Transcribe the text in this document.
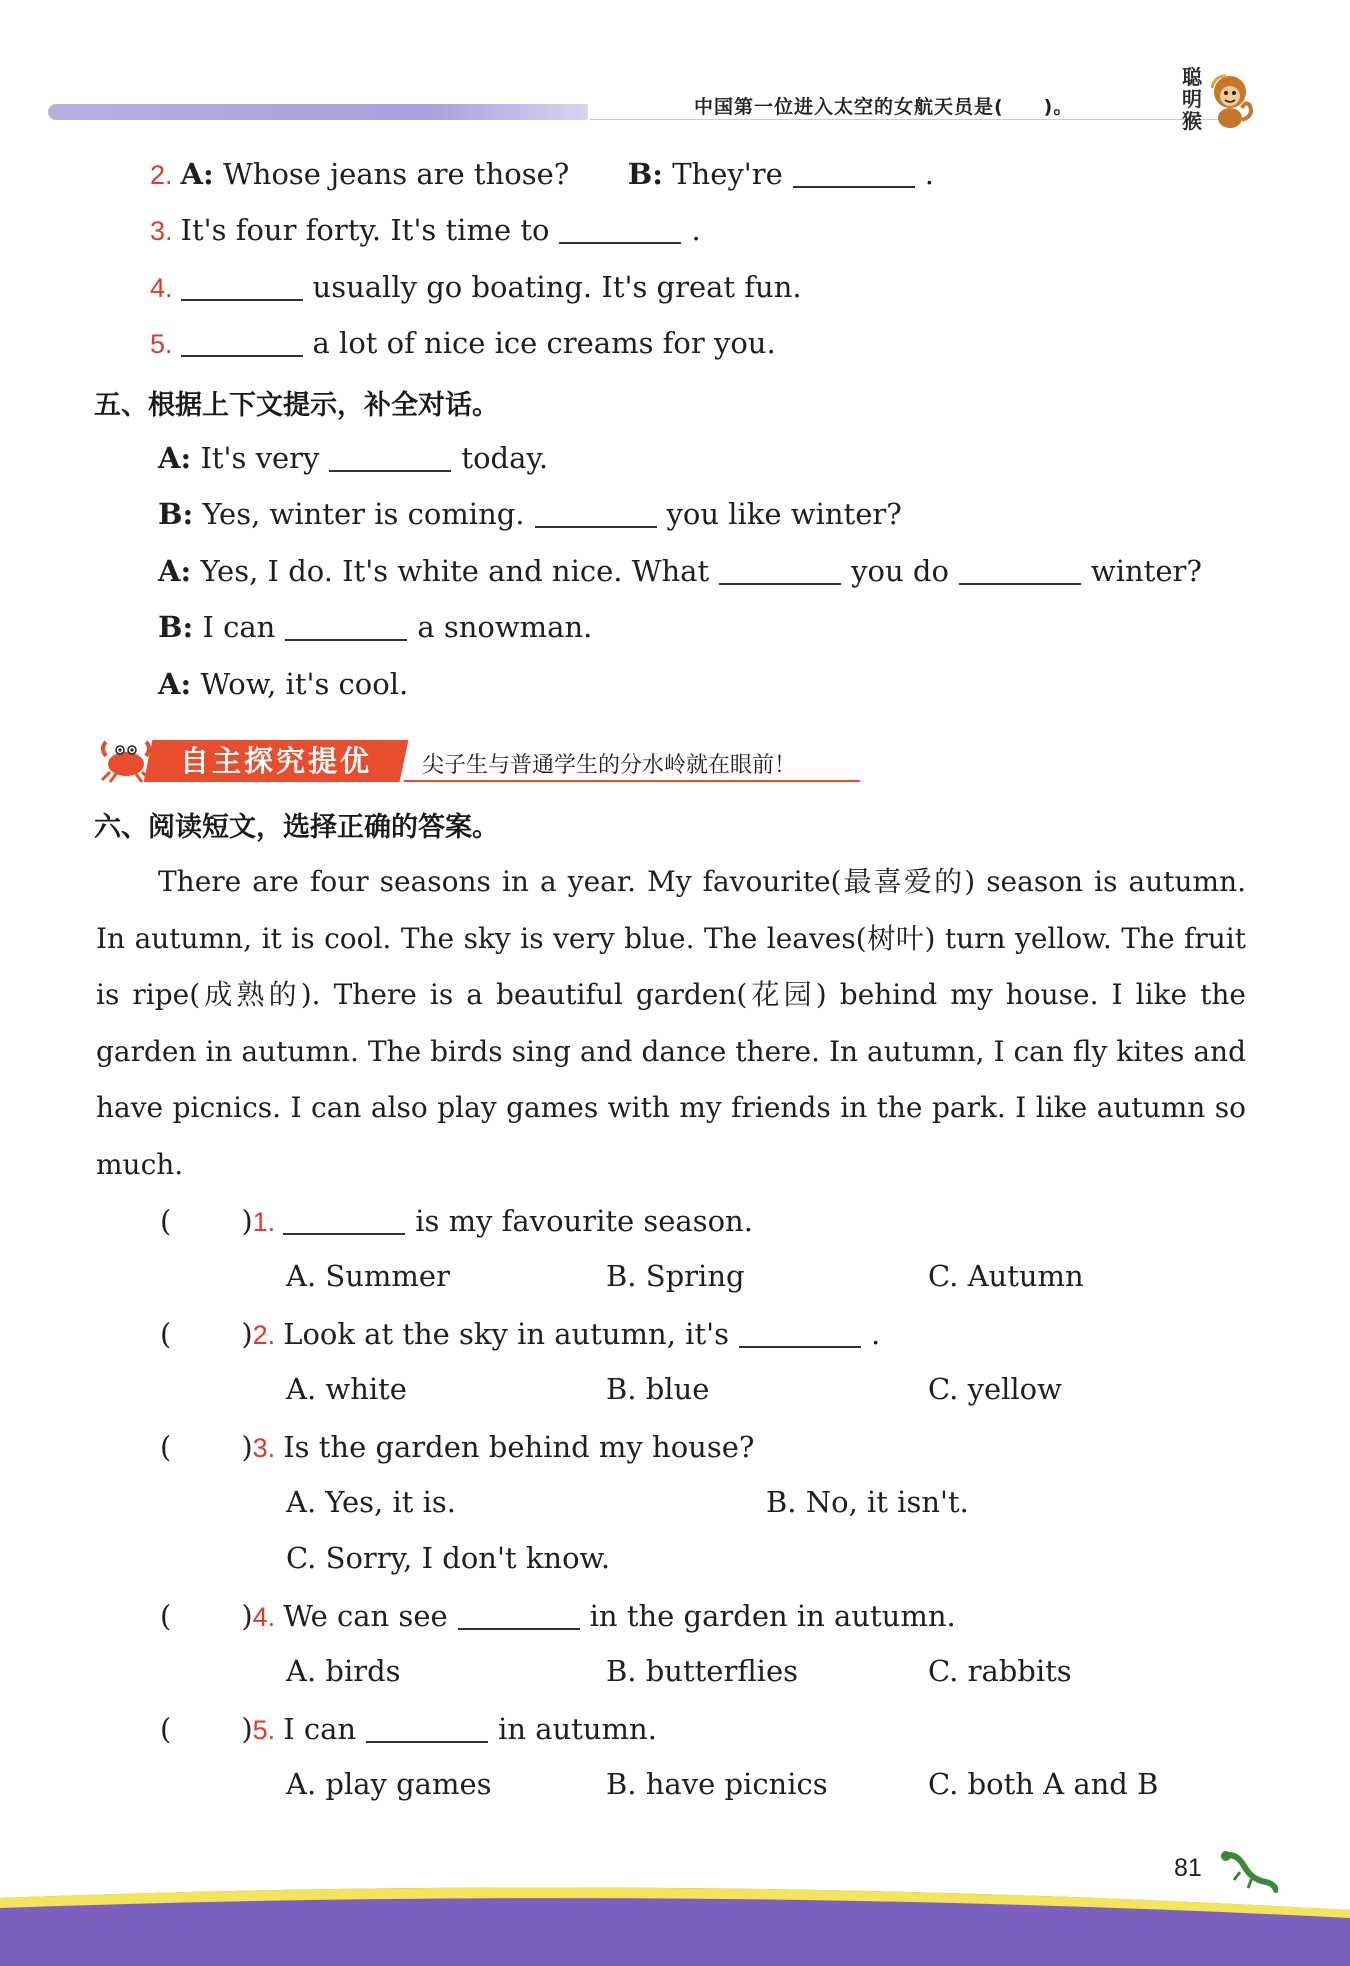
中国第一位进入太空的女航天员是(　　)。
聪明猴
2. A: Whose jeans are those? B: They're	.
3. It's four forty. It's time to	.
4.	usually go boating. It's great fun.
5.	a lot of nice ice creams for you.
五、根据上下文提示，补全对话。
A: It's very	today.
B: Yes, winter is coming.	you like winter?
A: Yes, I do. It's white and nice. What	you do	winter?
B: I can	a snowman.
A: Wow, it's cool.
自主探究提优	尖子生与普通学生的分水岭就在眼前！
六、阅读短文，选择正确的答案。

There are four seasons in a year. My favourite(最喜爱的) season is autumn. In autumn, it is cool. The sky is very blue. The leaves(树叶) turn yellow. The fruit is ripe(成熟的). There is a beautiful garden(花园) behind my house. I like the garden in autumn. The birds sing and dance there. In autumn, I can fly kites and have picnics. I can also play games with my friends in the park. I like autumn so much.

( )1.	is my favourite season.
A. Summer	B. Spring	C. Autumn
( )2. Look at the sky in autumn, it's	.
A. white	B. blue	C. yellow
( )3. Is the garden behind my house?
A. Yes, it is.	B. No, it isn't.
C. Sorry, I don't know.
( )4. We can see	in the garden in autumn.
A. birds	B. butterflies	C. rabbits
( )5. I can	in autumn.
A. play games	B. have picnics	C. both A and B
81
